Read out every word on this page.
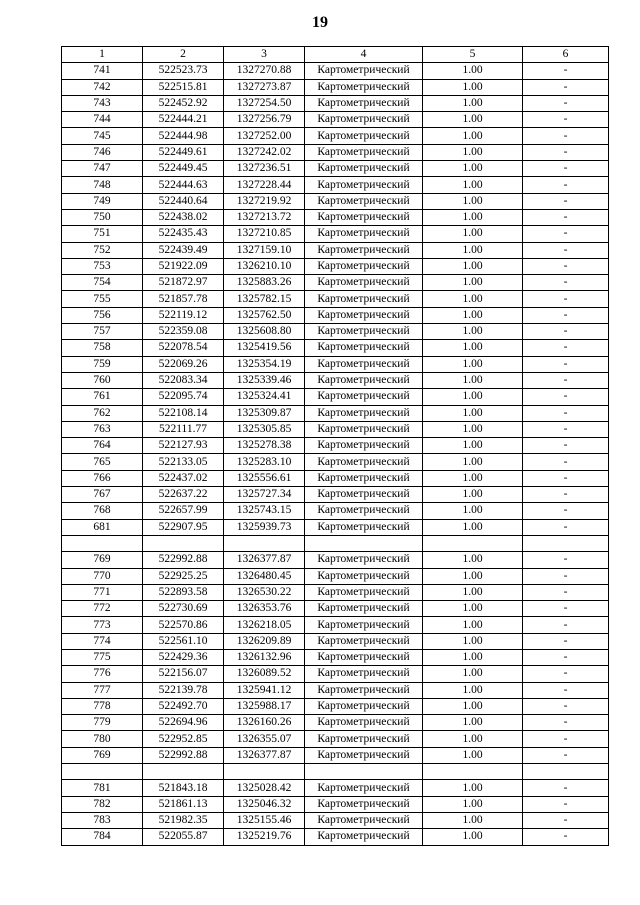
19
1	2	3	4	5	6
741	522523.73	1327270.88	Картометрический	1.00	-
742	522515.81	1327273.87	Картометрический	1.00	-
743	522452.92	1327254.50	Картометрический	1.00	-
744	522444.21	1327256.79	Картометрический	1.00	-
745	522444.98	1327252.00	Картометрический	1.00	-
746	522449.61	1327242.02	Картометрический	1.00	-
747	522449.45	1327236.51	Картометрический	1.00	-
748	522444.63	1327228.44	Картометрический	1.00	-
749	522440.64	1327219.92	Картометрический	1.00	-
750	522438.02	1327213.72	Картометрический	1.00	-
751	522435.43	1327210.85	Картометрический	1.00	-
752	522439.49	1327159.10	Картометрический	1.00	-
753	521922.09	1326210.10	Картометрический	1.00	-
754	521872.97	1325883.26	Картометрический	1.00	-
755	521857.78	1325782.15	Картометрический	1.00	-
756	522119.12	1325762.50	Картометрический	1.00	-
757	522359.08	1325608.80	Картометрический	1.00	-
758	522078.54	1325419.56	Картометрический	1.00	-
759	522069.26	1325354.19	Картометрический	1.00	-
760	522083.34	1325339.46	Картометрический	1.00	-
761	522095.74	1325324.41	Картометрический	1.00	-
762	522108.14	1325309.87	Картометрический	1.00	-
763	522111.77	1325305.85	Картометрический	1.00	-
764	522127.93	1325278.38	Картометрический	1.00	-
765	522133.05	1325283.10	Картометрический	1.00	-
766	522437.02	1325556.61	Картометрический	1.00	-
767	522637.22	1325727.34	Картометрический	1.00	-
768	522657.99	1325743.15	Картометрический	1.00	-
681	522907.95	1325939.73	Картометрический	1.00	-

769	522992.88	1326377.87	Картометрический	1.00	-
770	522925.25	1326480.45	Картометрический	1.00	-
771	522893.58	1326530.22	Картометрический	1.00	-
772	522730.69	1326353.76	Картометрический	1.00	-
773	522570.86	1326218.05	Картометрический	1.00	-
774	522561.10	1326209.89	Картометрический	1.00	-
775	522429.36	1326132.96	Картометрический	1.00	-
776	522156.07	1326089.52	Картометрический	1.00	-
777	522139.78	1325941.12	Картометрический	1.00	-
778	522492.70	1325988.17	Картометрический	1.00	-
779	522694.96	1326160.26	Картометрический	1.00	-
780	522952.85	1326355.07	Картометрический	1.00	-
769	522992.88	1326377.87	Картометрический	1.00	-

781	521843.18	1325028.42	Картометрический	1.00	-
782	521861.13	1325046.32	Картометрический	1.00	-
783	521982.35	1325155.46	Картометрический	1.00	-
784	522055.87	1325219.76	Картометрический	1.00	-
